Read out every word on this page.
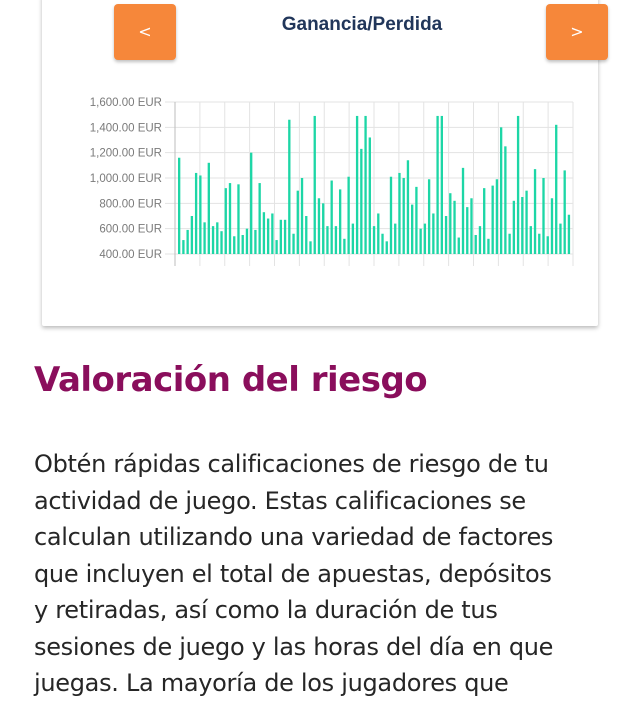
<	Ganancia/Perdida	>
1,600.00 EUR
1,400.00 EUR
1,200.00 EUR
1,000.00 EUR
800.00 EUR
600.00 EUR
400.00 EUR
Valoración del riesgo

Obtén rápidas calificaciones de riesgo de tu
actividad de juego. Estas calificaciones se
calculan utilizando una variedad de factores
que incluyen el total de apuestas, depósitos
y retiradas, así como la duración de tus
sesiones de juego y las horas del día en que
juegas. La mayoría de los jugadores que
